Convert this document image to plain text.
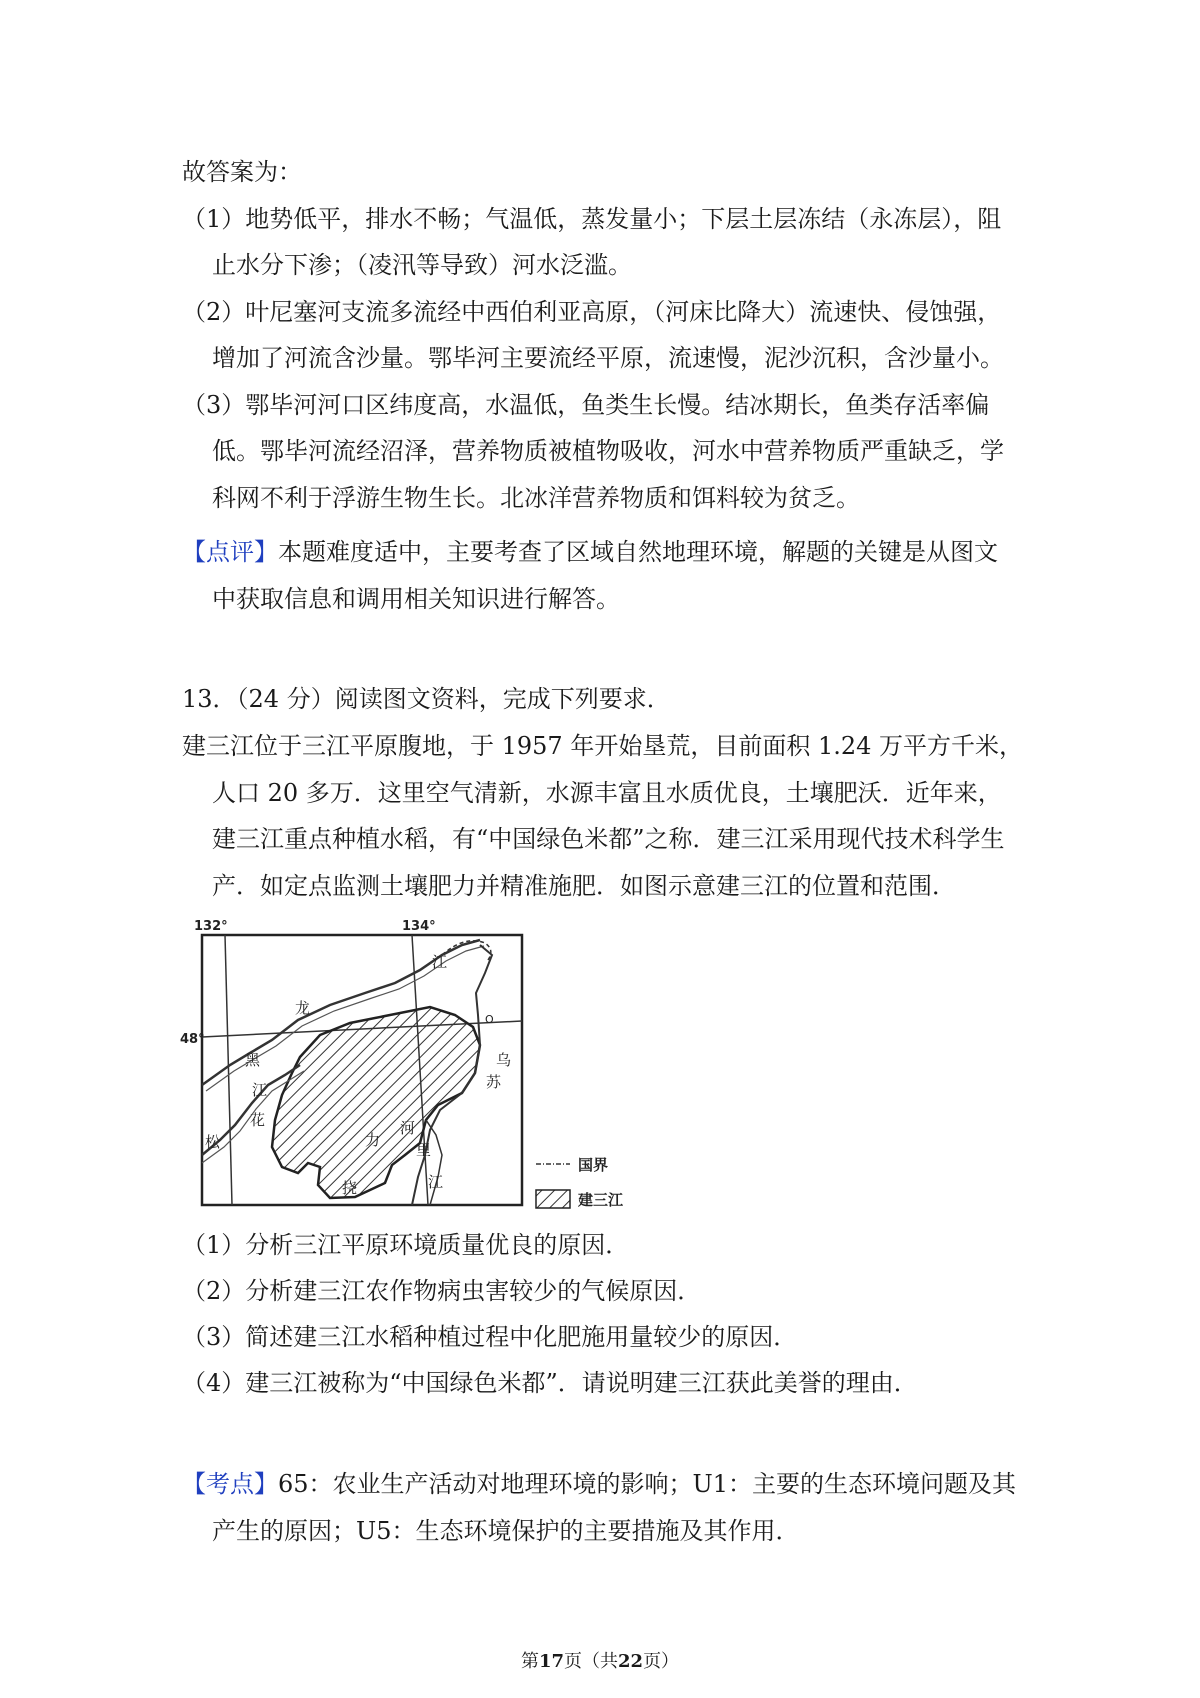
故答案为：
（1）地势低平，排水不畅；气温低，蒸发量小；下层土层冻结（永冻层），阻
止水分下渗；（凌汛等导致）河水泛滥。
（2）叶尼塞河支流多流经中西伯利亚高原，（河床比降大）流速快、侵蚀强，
增加了河流含沙量。鄂毕河主要流经平原，流速慢，泥沙沉积，含沙量小。
（3）鄂毕河河口区纬度高，水温低，鱼类生长慢。结冰期长，鱼类存活率偏
低。鄂毕河流经沼泽，营养物质被植物吸收，河水中营养物质严重缺乏，学
科网不利于浮游生物生长。北冰洋营养物质和饵料较为贫乏。
【点评】本题难度适中，主要考查了区域自然地理环境，解题的关键是从图文
中获取信息和调用相关知识进行解答。
13．（24 分）阅读图文资料，完成下列要求．
建三江位于三江平原腹地，于 1957 年开始垦荒，目前面积 1.24 万平方千米，
人口 20 多万．这里空气清新，水源丰富且水质优良，土壤肥沃．近年来，
建三江重点种植水稻，有“中国绿色米都”之称．建三江采用现代技术科学生
产．如定点监测土壤肥力并精准施肥．如图示意建三江的位置和范围．
132°	134°
48°
O
江
龙
黑
江
花
松	力
挠
河
里
江
乌
苏
国界
建三江
（1）分析三江平原环境质量优良的原因．
（2）分析建三江农作物病虫害较少的气候原因．
（3）简述建三江水稻种植过程中化肥施用量较少的原因．
（4）建三江被称为“中国绿色米都”．请说明建三江获此美誉的理由．
【考点】65：农业生产活动对地理环境的影响；U1：主要的生态环境问题及其
产生的原因；U5：生态环境保护的主要措施及其作用．
第17页（共22页）
